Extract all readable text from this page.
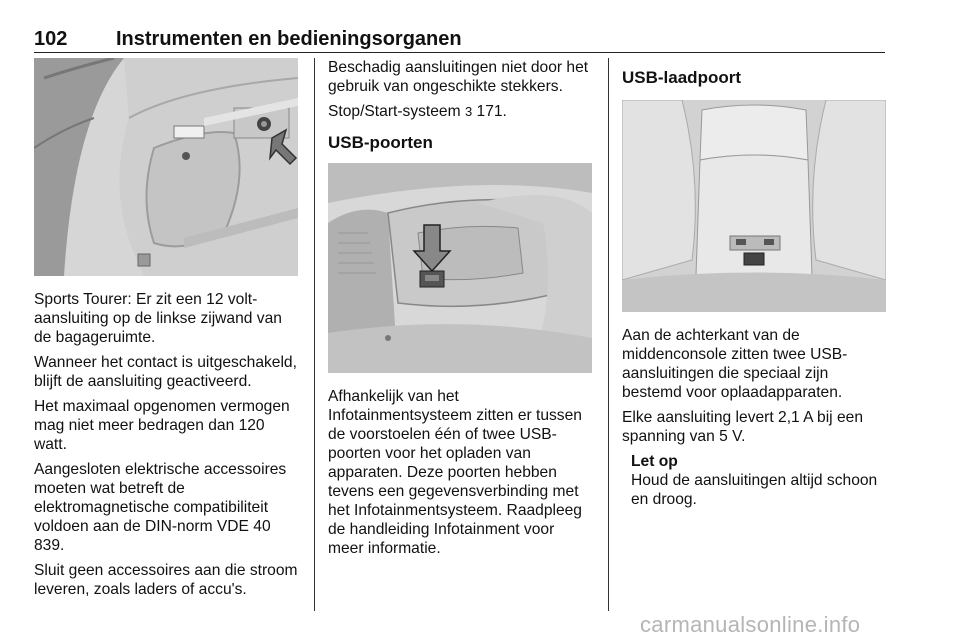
102 Instrumenten en bedieningsorganen

Sports Tourer: Er zit een 12 volt-aansluiting op de linkse zijwand van de bagageruimte.

Wanneer het contact is uitgeschakeld, blijft de aansluiting geactiveerd.

Het maximaal opgenomen vermogen mag niet meer bedragen dan 120 watt.

Aangesloten elektrische accessoires moeten wat betreft de elektromagnetische compatibiliteit voldoen aan de DIN-norm VDE 40 839.

Sluit geen accessoires aan die stroom leveren, zoals laders of accu's.

Beschadig aansluitingen niet door het gebruik van ongeschikte stekkers.

Stop/Start-systeem 3 171.

USB-poorten

Afhankelijk van het Infotainmentsysteem zitten er tussen de voorstoelen één of twee USB-poorten voor het opladen van apparaten. Deze poorten hebben tevens een gegevensverbinding met het Infotainmentsysteem. Raadpleeg de handleiding Infotainment voor meer informatie.

USB-laadpoort

Aan de achterkant van de middenconsole zitten twee USB-aansluitingen die speciaal zijn bestemd voor oplaadapparaten.

Elke aansluiting levert 2,1 A bij een spanning van 5 V.

Let op
Houd de aansluitingen altijd schoon en droog.
carmanualsonline.info
